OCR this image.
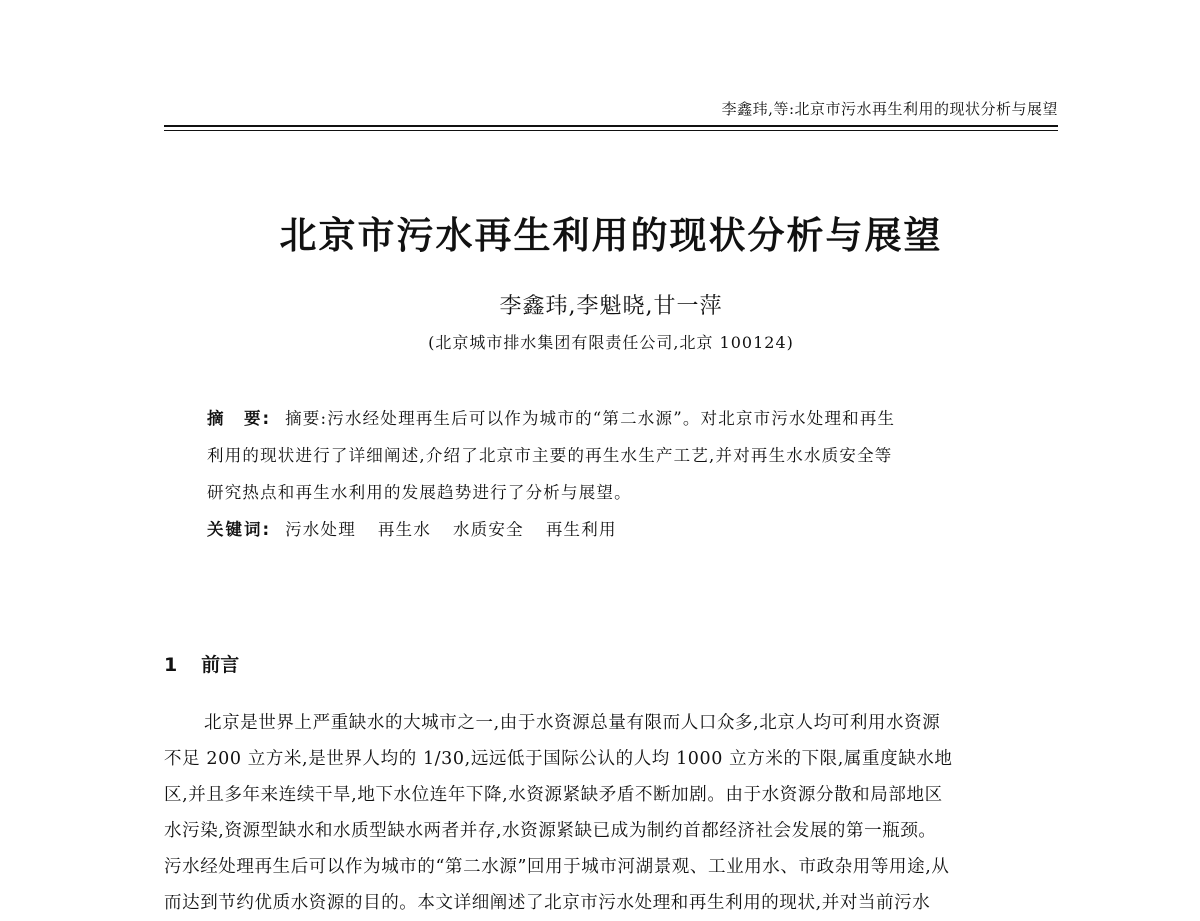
李鑫玮,等:北京市污水再生利用的现状分析与展望
北京市污水再生利用的现状分析与展望
李鑫玮,李魁晓,甘一萍
(北京城市排水集团有限责任公司,北京 100124)
摘　要: 摘要:污水经处理再生后可以作为城市的“第二水源”。对北京市污水处理和再生
利用的现状进行了详细阐述,介绍了北京市主要的再生水生产工艺,并对再生水水质安全等
研究热点和再生水利用的发展趋势进行了分析与展望。
关键词: 污水处理 再生水 水质安全 再生利用
1 前言
北京是世界上严重缺水的大城市之一,由于水资源总量有限而人口众多,北京人均可利用水资源
不足 200 立方米,是世界人均的 1/30,远远低于国际公认的人均 1000 立方米的下限,属重度缺水地
区,并且多年来连续干旱,地下水位连年下降,水资源紧缺矛盾不断加剧。由于水资源分散和局部地区
水污染,资源型缺水和水质型缺水两者并存,水资源紧缺已成为制约首都经济社会发展的第一瓶颈。
污水经处理再生后可以作为城市的“第二水源”回用于城市河湖景观、工业用水、市政杂用等用途,从
而达到节约优质水资源的目的。本文详细阐述了北京市污水处理和再生利用的现状,并对当前污水
